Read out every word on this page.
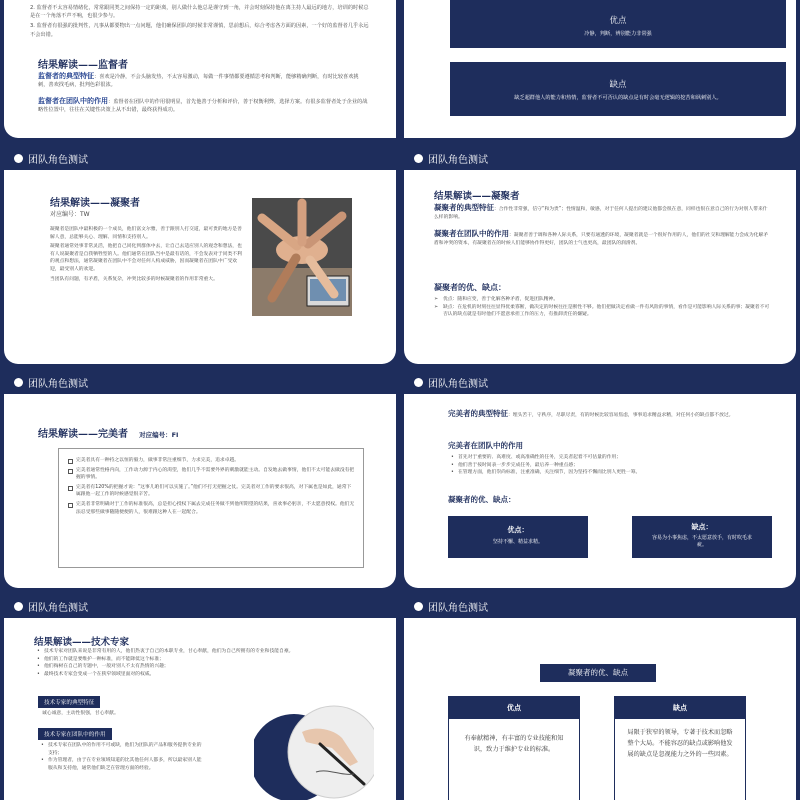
2. 监督者不太容易情绪化，常常跟同类之间保持一定的距离，别人做什么他总是谨守到一角，并会时刻保持他在离主持人最远的地方，培训的时候总是在一个角落不声不响，也很少参与。

3. 监督者有很强的批判性，凡事从都要物出一点问题，他们确保团队的时候非常谨慎，思前想后，综合考虑各方面的因素，一个好的监督者几乎永远不会出错。

结果解读——监督者
监督者的典型特征：喜欢是冷静，不会头脑发热，不太容易激动，每做一件事情都要遵循思考和判断，能够精确判断，有时比较喜欢挑刺，善欢找毛病，批判色彩很浓。
监督者在团队中的作用：监督者在团队中的作用很明显，首先他善于分析和评价，善于权衡利弊，选择方案。有很多监督者处于企业的战略性位置中，往往在关键性决策上从不出错，最终获得成功。
优点
冷静，判断，辨别能力非常强
缺点
缺乏超群他人的能力和热情，监督者不可否认的缺点是有时会毫无逻辑的挖苦和讽刺别人。
团队角色测试
结果解读——凝聚者
对应编号：TW

凝聚者是团队中最积极的一个成员，他们富文尔雅，善于跟别人打交道，最可贵的地方是善解人意，总能够关心、理解、同情和支持别人。

凝聚者通常处事非常灵活，他把自己同化到群体中去，让自己去适应别人的观念和想法，也有人说凝聚者是自我牺牲型的人。他们通常在团队当中是最有话的，不会发表对于同类不利的观点和想法，通常凝聚者在团队中不会对任何人构成威胁，因而凝聚者在团队中广受欢迎，最受别人的欢迎。

当团队有问题，有矛盾，关系复杂，冲突比较多的时候凝聚者的作用非常重大。

团队角色测试
结果解读——凝聚者
凝聚者的典型特征：合作性非常强，信守“和为贵”；性情温和，敏感，对于任何人提出的建议他都会很在意，同样也很在意自己的行为对别人带来什么样的影响。
凝聚者在团队中的作用：凝聚者善于调和各种人际关系，只要有通透的环境，凝聚者就是一个很好作用的人，他们的社交和理解能力会成为化解矛盾和冲突的资本，有凝聚者在的时候人们能够协作得更好，团队的士气也更高，最团队的润滑剂。
凝聚者的优、缺点：
➢ 优点：随和应变，善于化解各种矛盾，促进团队精神。
➢ 缺点：在危机的时刻往往显得优柔寡断，做决定的时候往往是断性不够。他们把做决定看做一件有风险的事情，看作是可能影响人际关系的事；凝聚者不可否认的缺点就是有时他们不愿意承担工作的压力，有推卸责任的嫌疑。
团队角色测试
结果解读——完美者 对应编号：FI
完美者具有一种持之以恒的毅力，做事非常注重细节，力求完美，追求卓越。
完美者通常性格内向，工作动力源于内心的渴望，他们几乎不需要外界的刺激就能主动。自发地去做事情，他们不太可能去做没有把握的事情。
完美者有120%的把握才说：“这事儿咱们可以实施了。”他们不打无把握之仗。完美者对工作的要求很高，对下属也是如此，通常下属跟他一起工作的时候感觉很辛苦。
完美者非常明确对于工作的标准很高，总是担心授权下属去完成任务做不到他所期望的结果，喜欢事必躬亲，不太愿意授权。他们无法忍受那些做事随随便便的人，很难跟这种人在一起配合。
团队角色测试
完美者的典型特征：埋头苦干，守秩序，尽职尽责，有的时候比较容易焦虑，事事追求精益求精，对任何小的缺点都不放过。
完美者在团队中的作用
• 首先对于重要的、高难度、或高准确性的任务，完美者起着不可估量的作用；
• 他们善于按时间表一步步完成任务，最后养一种重点感；
• 在管理方面，他们崇尚标准，注重准确，关注细节，因为坚持不懈而比别人更胜一筹。
凝聚者的优、缺点：
优点：
坚持不懈、精益求精。
缺点：
容易为小事焦虑，不太愿意放手，有时吹毛求疵。
团队角色测试
结果解读——技术专家
• 技术专家对团队来说是非常有用的人，他们热衷于自己的本职专业，甘心奉献，他们为自己所拥有的专业和技能自豪。
• 他们的工作就是要维护一种标准，而不能降低这个标准；
• 他们掏树在自己的专题中，一般对别人不太有热情的兴趣；
• 最终技术专家会变成一个在狭窄领域里面对的权威。
技术专家的典型特征
诚心诚意，主动性很强，甘心奉献。
技术专家在团队中的作用
• 技术专家在团队中的作用不可或缺，他们为团队的产品和服务提供专业的支持；
• 作为管理者，由于在专业领域知道的比其他任何人都多，所以最家别人能服从和支持他，通常他们缺乏在管理方面的经验。
团队角色测试
凝聚者的优、缺点
优点
有奉献精神，有丰富的专业技能和知识，致力于维护专业的标准。
缺点
局限于狭窄的领导，专著于技术而忽略整个大局。不能容忍的缺点或影响他发展的缺点是忽视能力之外的一些因素。
